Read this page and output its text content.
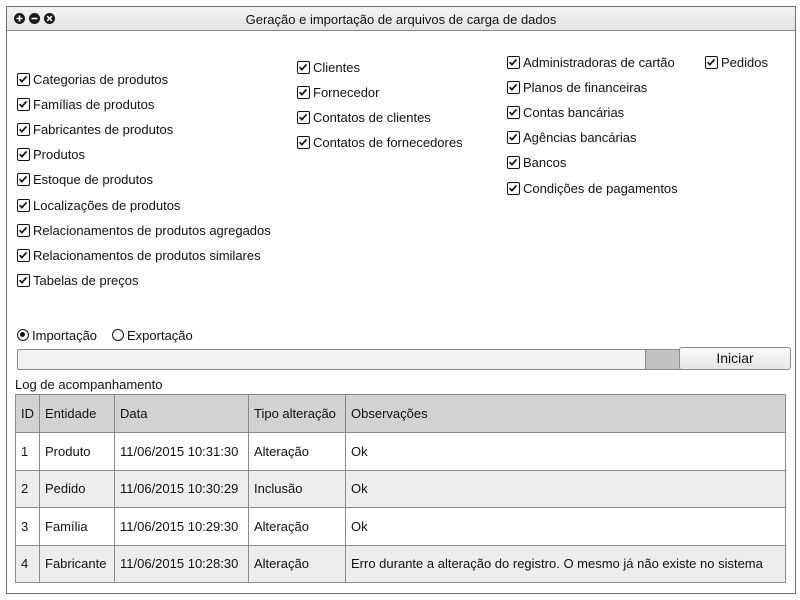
Geração e importação de arquivos de carga de dados
Categorias de produtos
Famílias de produtos
Fabricantes de produtos
Produtos
Estoque de produtos
Localizações de produtos
Relacionamentos de produtos agregados
Relacionamentos de produtos similares
Tabelas de preços
Clientes
Fornecedor
Contatos de clientes
Contatos de fornecedores
Administradoras de cartão
Planos de financeiras
Contas bancárias
Agências bancárias
Bancos
Condições de pagamentos
Pedidos
Importação Exportação
Iniciar
Log de acompanhamento
ID	Entidade	Data	Tipo alteração	Observações
1	Produto	11/06/2015 10:31:30	Alteração	Ok
2	Pedido	11/06/2015 10:30:29	Inclusão	Ok
3	Família	11/06/2015 10:29:30	Alteração	Ok
4	Fabricante	11/06/2015 10:28:30	Alteração	Erro durante a alteração do registro. O mesmo já não existe no sistema
